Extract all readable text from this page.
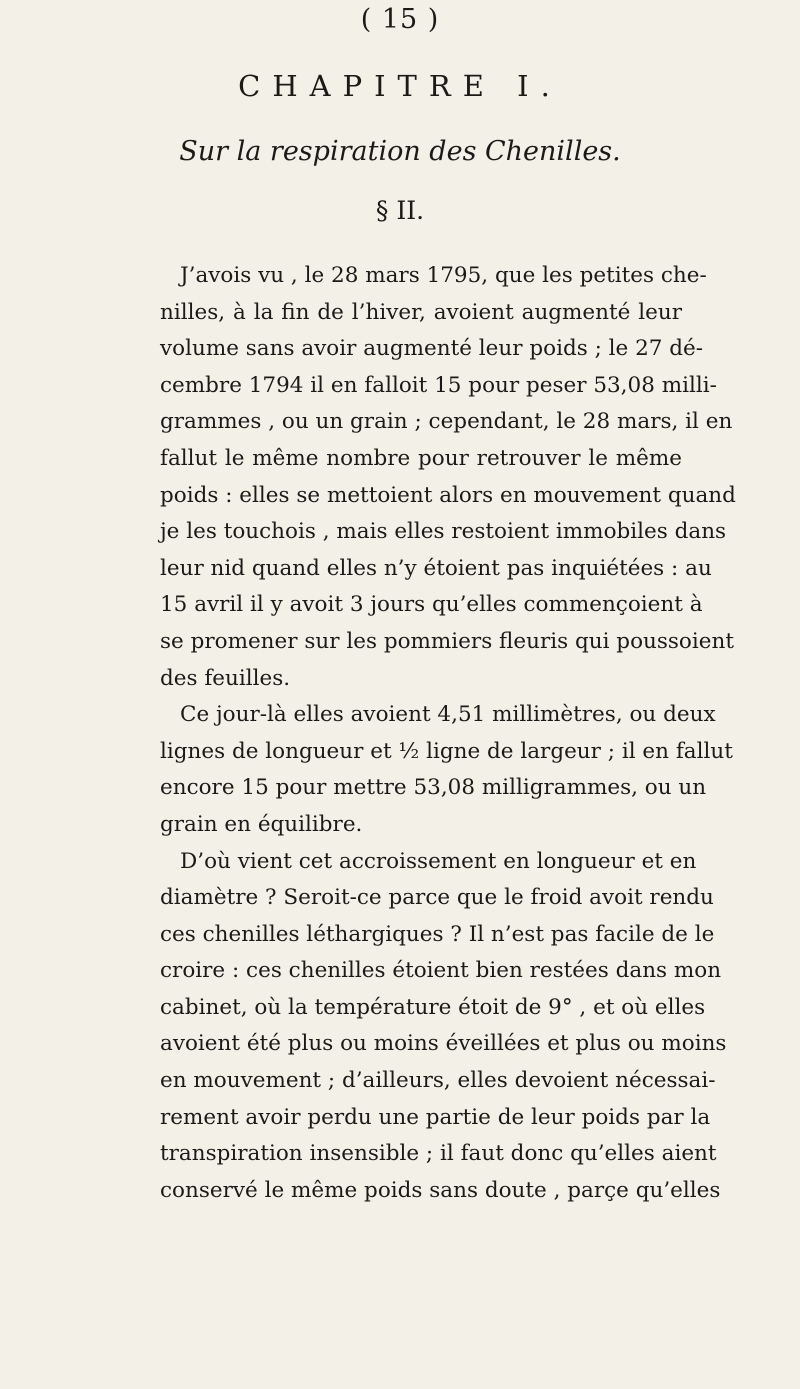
( 15 )
CHAPITRE I.
Sur la respiration des Chenilles.
§ II.
J’avois vu , le 28 mars 1795, que les petites che-
nilles, à la fin de l’hiver, avoient augmenté leur
volume sans avoir augmenté leur poids ; le 27 dé-
cembre 1794 il en falloit 15 pour peser 53,08 milli-
grammes , ou un grain ; cependant, le 28 mars, il en
fallut le même nombre pour retrouver le même
poids : elles se mettoient alors en mouvement quand
je les touchois , mais elles restoient immobiles dans
leur nid quand elles n’y étoient pas inquiétées : au
15 avril il y avoit 3 jours qu’elles commençoient à
se promener sur les pommiers fleuris qui poussoient
des feuilles.
Ce jour-là elles avoient 4,51 millimètres, ou deux
lignes de longueur et ½ ligne de largeur ; il en fallut
encore 15 pour mettre 53,08 milligrammes, ou un
grain en équilibre.
D’où vient cet accroissement en longueur et en
diamètre ? Seroit-ce parce que le froid avoit rendu
ces chenilles léthargiques ? Il n’est pas facile de le
croire : ces chenilles étoient bien restées dans mon
cabinet, où la température étoit de 9° , et où elles
avoient été plus ou moins éveillées et plus ou moins
en mouvement ; d’ailleurs, elles devoient nécessai-
rement avoir perdu une partie de leur poids par la
transpiration insensible ; il faut donc qu’elles aient
conservé le même poids sans doute , parçe qu’elles
